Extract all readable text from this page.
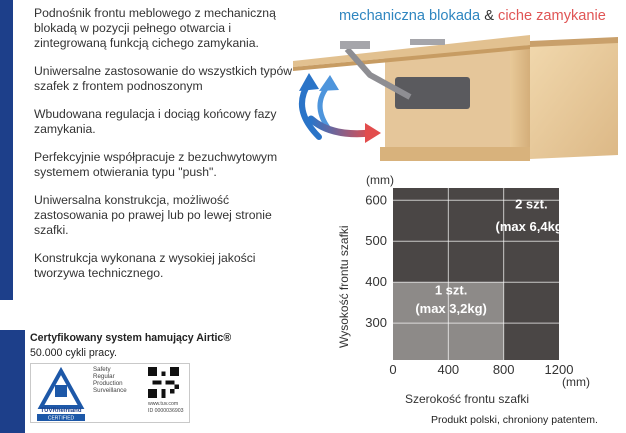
Podnośnik frontu meblowego z mechaniczną blokadą w pozycji pełnego otwarcia i zintegrowaną funkcją cichego zamykania.

Uniwersalne zastosowanie do wszystkich typów szafek z frontem podnoszonym

Wbudowana regulacja i dociąg końcowy fazy zamykania.

Perfekcyjnie współpracuje z bezuchwytowym systemem otwierania typu "push".

Uniwersalna konstrukcja, możliwość zastosowania po prawej lub po lewej stronie szafki.

Konstrukcja wykonana z wysokiej jakości tworzywa technicznego.

mechaniczna blokada & ciche zamykanie
600
500
400
300
0	400	800 1200
2 szt.
(max 6,4kg)
1 szt.
(max 3,2kg)
(mm)
(mm)
Wysokość frontu szafki
Szerokość frontu szafki
Certyfikowany system hamujący Airtic®
50.000 cykli pracy.
TÜVRheinland
CERTIFIED
Safety
Regular
Production
Surveillance
www.tuv.com
ID 0000036903
Produkt polski, chroniony patentem.
